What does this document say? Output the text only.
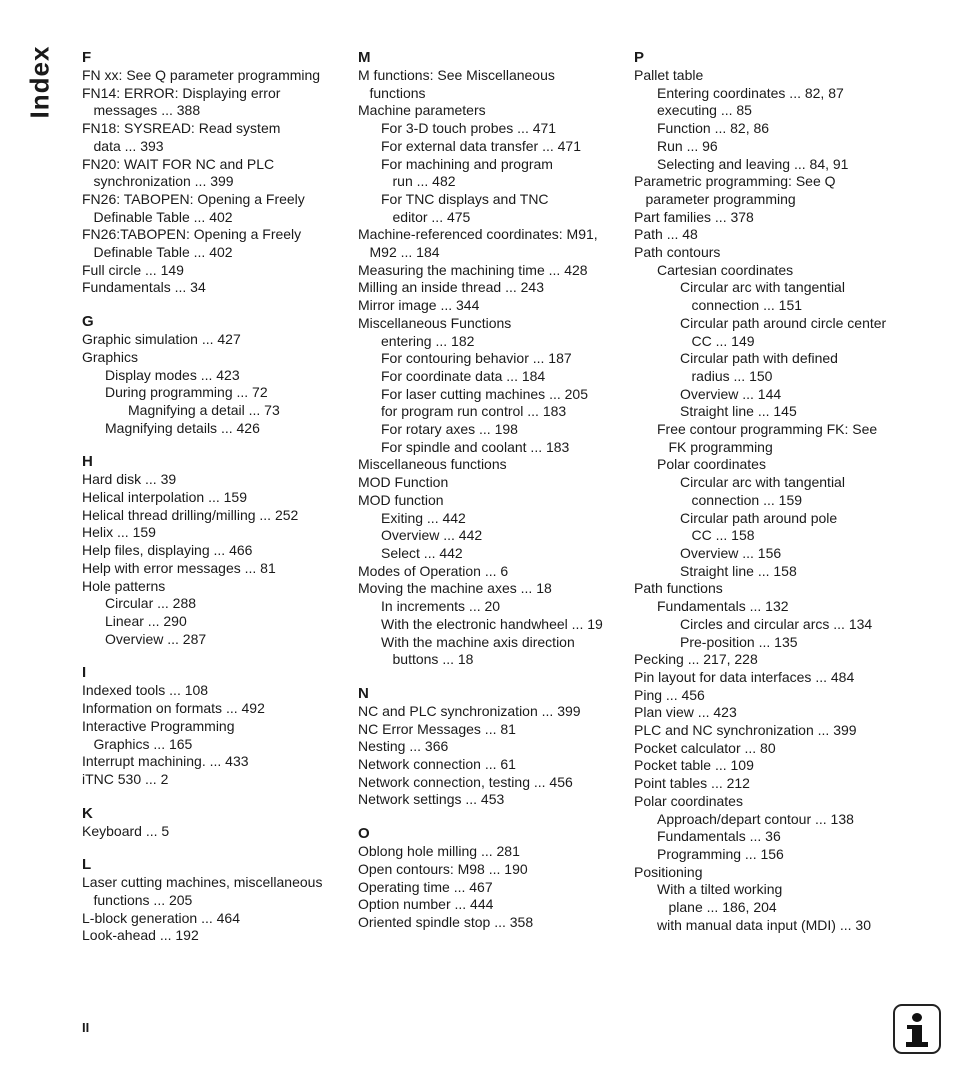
Index F
FN xx: See Q parameter programming
FN14: ERROR: Displaying error
messages ... 388
FN18: SYSREAD: Read system
data ... 393
FN20: WAIT FOR NC and PLC
synchronization ... 399
FN26: TABOPEN: Opening a Freely
Definable Table ... 402
FN26:TABOPEN: Opening a Freely
Definable Table ... 402
Full circle ... 149
Fundamentals ... 34
G
Graphic simulation ... 427
Graphics
Display modes ... 423
During programming ... 72
Magnifying a detail ... 73
Magnifying details ... 426
H
Hard disk ... 39
Helical interpolation ... 159
Helical thread drilling/milling ... 252
Helix ... 159
Help files, displaying ... 466
Help with error messages ... 81
Hole patterns
Circular ... 288
Linear ... 290
Overview ... 287
I
Indexed tools ... 108
Information on formats ... 492
Interactive Programming
Graphics ... 165
Interrupt machining. ... 433
iTNC 530 ... 2
K
Keyboard ... 5
L
Laser cutting machines, miscellaneous
functions ... 205
L-block generation ... 464
Look-ahead ... 192
M
M functions: See Miscellaneous
functions
Machine parameters
For 3-D touch probes ... 471
For external data transfer ... 471
For machining and program
run ... 482
For TNC displays and TNC
editor ... 475
Machine-referenced coordinates: M91,
M92 ... 184
Measuring the machining time ... 428
Milling an inside thread ... 243
Mirror image ... 344
Miscellaneous Functions
entering ... 182
For contouring behavior ... 187
For coordinate data ... 184
For laser cutting machines ... 205
for program run control ... 183
For rotary axes ... 198
For spindle and coolant ... 183
Miscellaneous functions
MOD Function
MOD function
Exiting ... 442
Overview ... 442
Select ... 442
Modes of Operation ... 6
Moving the machine axes ... 18
In increments ... 20
With the electronic handwheel ... 19
With the machine axis direction
buttons ... 18
N
NC and PLC synchronization ... 399
NC Error Messages ... 81
Nesting ... 366
Network connection ... 61
Network connection, testing ... 456
Network settings ... 453
O
Oblong hole milling ... 281
Open contours: M98 ... 190
Operating time ... 467
Option number ... 444
Oriented spindle stop ... 358
P
Pallet table
Entering coordinates ... 82, 87
executing ... 85
Function ... 82, 86
Run ... 96
Selecting and leaving ... 84, 91
Parametric programming: See Q
parameter programming
Part families ... 378
Path ... 48
Path contours
Cartesian coordinates
Circular arc with tangential
connection ... 151
Circular path around circle center
CC ... 149
Circular path with defined
radius ... 150
Overview ... 144
Straight line ... 145
Free contour programming FK: See
FK programming
Polar coordinates
Circular arc with tangential
connection ... 159
Circular path around pole
CC ... 158
Overview ... 156
Straight line ... 158
Path functions
Fundamentals ... 132
Circles and circular arcs ... 134
Pre-position ... 135
Pecking ... 217, 228
Pin layout for data interfaces ... 484
Ping ... 456
Plan view ... 423
PLC and NC synchronization ... 399
Pocket calculator ... 80
Pocket table ... 109
Point tables ... 212
Polar coordinates
Approach/depart contour ... 138
Fundamentals ... 36
Programming ... 156
Positioning
With a tilted working
plane ... 186, 204
with manual data input (MDI) ... 30
II
